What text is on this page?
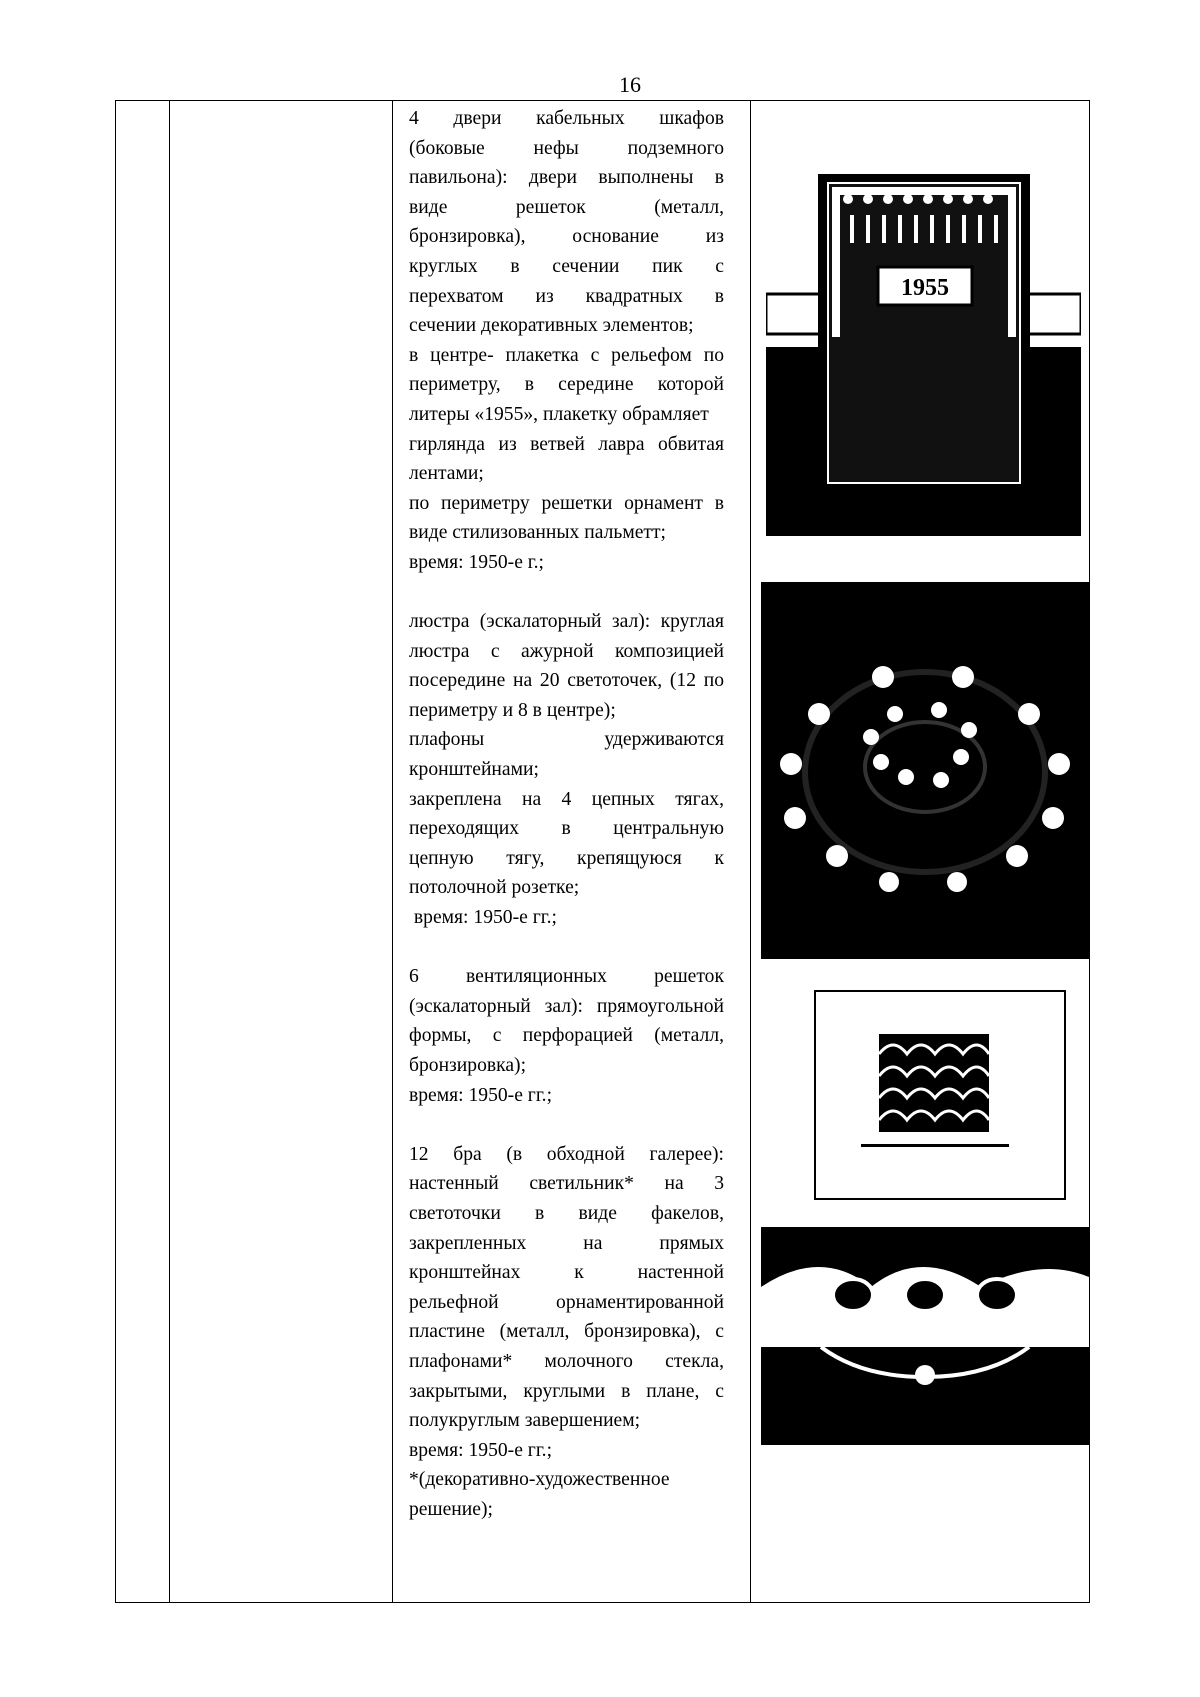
16

4 двери кабельных шкафов

(боковые нефы подземного

павильона): двери выполнены в

виде решеток (металл,

бронзировка), основание из

круглых в сечении пик с

перехватом из квадратных в

сечении декоративных элементов;

в центре- плакетка с рельефом по

периметру, в середине которой

литеры «1955», плакетку обрамляет

гирлянда из ветвей лавра обвитая

лентами;

по периметру решетки орнамент в

виде стилизованных пальметт;

время: 1950-е г.;

люстра (эскалаторный зал): круглая

люстра с ажурной композицией

посередине на 20 светоточек, (12 по

периметру и 8 в центре);

плафоны удерживаются

кронштейнами;

закреплена на 4 цепных тягах,

переходящих в центральную

цепную тягу, крепящуюся к

потолочной розетке;

время: 1950-е гг.;

6 вентиляционных решеток

(эскалаторный зал): прямоугольной

формы, с перфорацией (металл,

бронзировка);

время: 1950-е гг.;

12 бра (в обходной галерее):

настенный светильник* на 3

светоточки в виде факелов,

закрепленных на прямых

кронштейнах к настенной

рельефной орнаментированной

пластине (металл, бронзировка), с

плафонами* молочного стекла,

закрытыми, круглыми в плане, с

полукруглым завершением;

время: 1950-е гг.;

*(декоративно-художественное

решение);

1955
